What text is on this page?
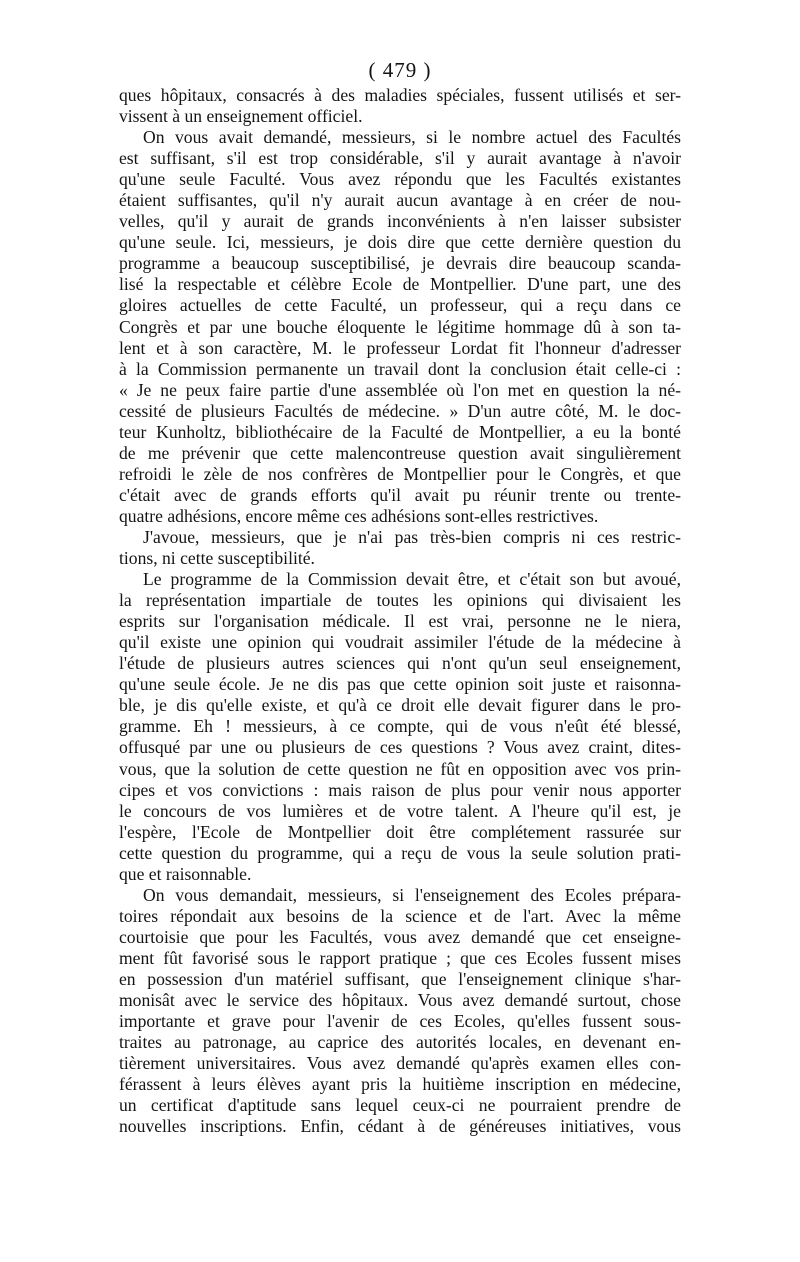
( 479 )
ques hôpitaux, consacrés à des maladies spéciales, fussent utilisés et ser-
vissent à un enseignement officiel.
On vous avait demandé, messieurs, si le nombre actuel des Facultés
est suffisant, s'il est trop considérable, s'il y aurait avantage à n'avoir
qu'une seule Faculté. Vous avez répondu que les Facultés existantes
étaient suffisantes, qu'il n'y aurait aucun avantage à en créer de nou-
velles, qu'il y aurait de grands inconvénients à n'en laisser subsister
qu'une seule. Ici, messieurs, je dois dire que cette dernière question du
programme a beaucoup susceptibilisé, je devrais dire beaucoup scanda-
lisé la respectable et célèbre Ecole de Montpellier. D'une part, une des
gloires actuelles de cette Faculté, un professeur, qui a reçu dans ce
Congrès et par une bouche éloquente le légitime hommage dû à son ta-
lent et à son caractère, M. le professeur Lordat fit l'honneur d'adresser
à la Commission permanente un travail dont la conclusion était celle-ci :
« Je ne peux faire partie d'une assemblée où l'on met en question la né-
cessité de plusieurs Facultés de médecine. » D'un autre côté, M. le doc-
teur Kunholtz, bibliothécaire de la Faculté de Montpellier, a eu la bonté
de me prévenir que cette malencontreuse question avait singulièrement
refroidi le zèle de nos confrères de Montpellier pour le Congrès, et que
c'était avec de grands efforts qu'il avait pu réunir trente ou trente-
quatre adhésions, encore même ces adhésions sont-elles restrictives.
J'avoue, messieurs, que je n'ai pas très-bien compris ni ces restric-
tions, ni cette susceptibilité.
Le programme de la Commission devait être, et c'était son but avoué,
la représentation impartiale de toutes les opinions qui divisaient les
esprits sur l'organisation médicale. Il est vrai, personne ne le niera,
qu'il existe une opinion qui voudrait assimiler l'étude de la médecine à
l'étude de plusieurs autres sciences qui n'ont qu'un seul enseignement,
qu'une seule école. Je ne dis pas que cette opinion soit juste et raisonna-
ble, je dis qu'elle existe, et qu'à ce droit elle devait figurer dans le pro-
gramme. Eh ! messieurs, à ce compte, qui de vous n'eût été blessé,
offusqué par une ou plusieurs de ces questions ? Vous avez craint, dites-
vous, que la solution de cette question ne fût en opposition avec vos prin-
cipes et vos convictions : mais raison de plus pour venir nous apporter
le concours de vos lumières et de votre talent. A l'heure qu'il est, je
l'espère, l'Ecole de Montpellier doit être complétement rassurée sur
cette question du programme, qui a reçu de vous la seule solution prati-
que et raisonnable.
On vous demandait, messieurs, si l'enseignement des Ecoles prépara-
toires répondait aux besoins de la science et de l'art. Avec la même
courtoisie que pour les Facultés, vous avez demandé que cet enseigne-
ment fût favorisé sous le rapport pratique ; que ces Ecoles fussent mises
en possession d'un matériel suffisant, que l'enseignement clinique s'har-
monisât avec le service des hôpitaux. Vous avez demandé surtout, chose
importante et grave pour l'avenir de ces Ecoles, qu'elles fussent sous-
traites au patronage, au caprice des autorités locales, en devenant en-
tièrement universitaires. Vous avez demandé qu'après examen elles con-
férassent à leurs élèves ayant pris la huitième inscription en médecine,
un certificat d'aptitude sans lequel ceux-ci ne pourraient prendre de
nouvelles inscriptions. Enfin, cédant à de généreuses initiatives, vous
